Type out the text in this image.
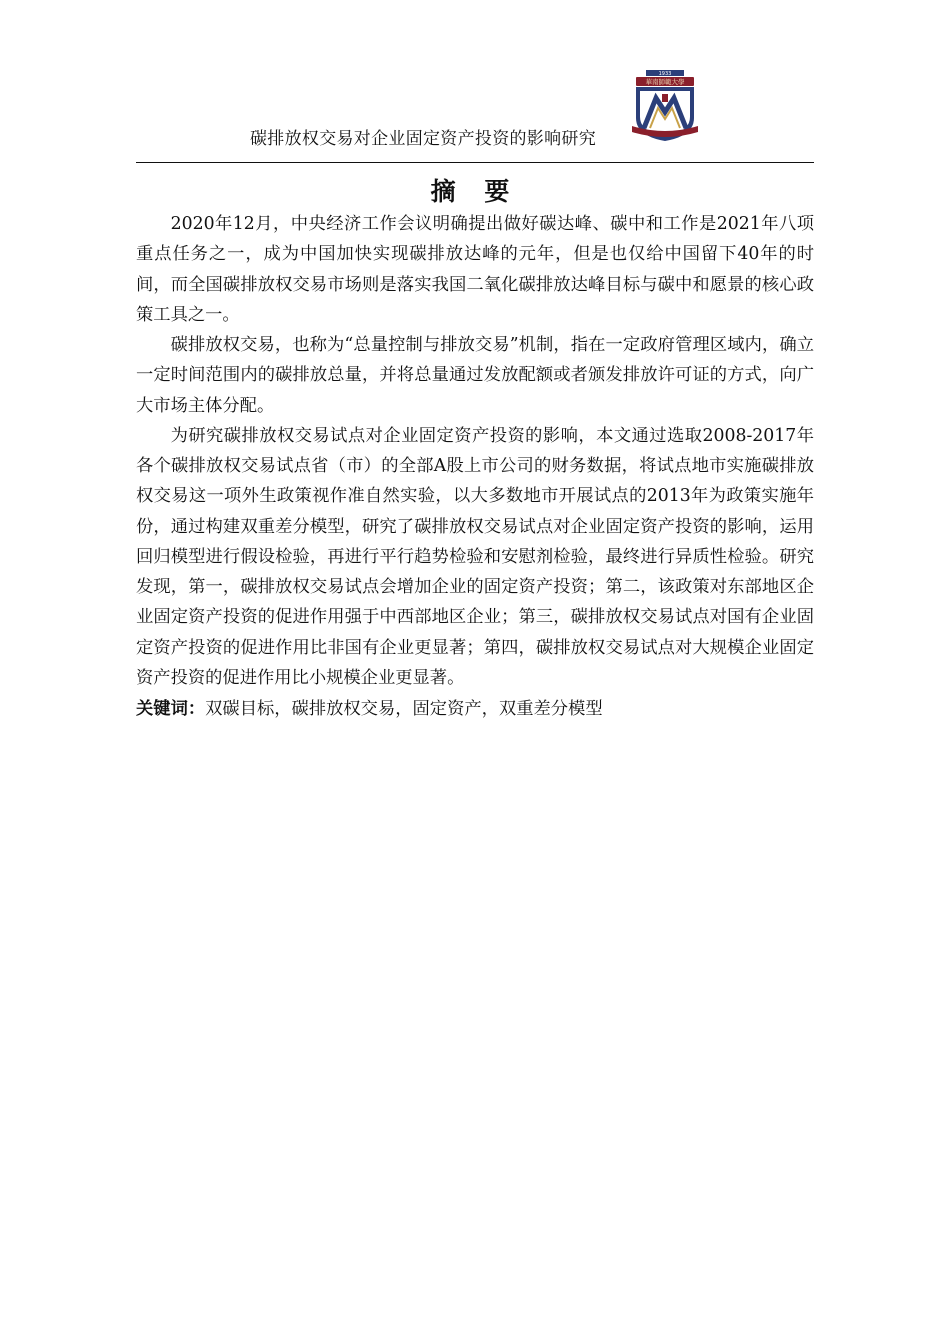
碳排放权交易对企业固定资产投资的影响研究
1933
華南師範大學
摘 要

2020年12月，中央经济工作会议明确提出做好碳达峰、碳中和工作是2021年八项重点任务之一，成为中国加快实现碳排放达峰的元年，但是也仅给中国留下40年的时间，而全国碳排放权交易市场则是落实我国二氧化碳排放达峰目标与碳中和愿景的核心政策工具之一。

碳排放权交易，也称为“总量控制与排放交易”机制，指在一定政府管理区域内，确立一定时间范围内的碳排放总量，并将总量通过发放配额或者颁发排放许可证的方式，向广大市场主体分配。

为研究碳排放权交易试点对企业固定资产投资的影响，本文通过选取2008-2017年各个碳排放权交易试点省（市）的全部A股上市公司的财务数据，将试点地市实施碳排放权交易这一项外生政策视作准自然实验，以大多数地市开展试点的2013年为政策实施年份，通过构建双重差分模型，研究了碳排放权交易试点对企业固定资产投资的影响，运用回归模型进行假设检验，再进行平行趋势检验和安慰剂检验，最终进行异质性检验。研究发现，第一，碳排放权交易试点会增加企业的固定资产投资；第二，该政策对东部地区企业固定资产投资的促进作用强于中西部地区企业；第三，碳排放权交易试点对国有企业固定资产投资的促进作用比非国有企业更显著；第四，碳排放权交易试点对大规模企业固定资产投资的促进作用比小规模企业更显著。

关键词：双碳目标，碳排放权交易，固定资产，双重差分模型
